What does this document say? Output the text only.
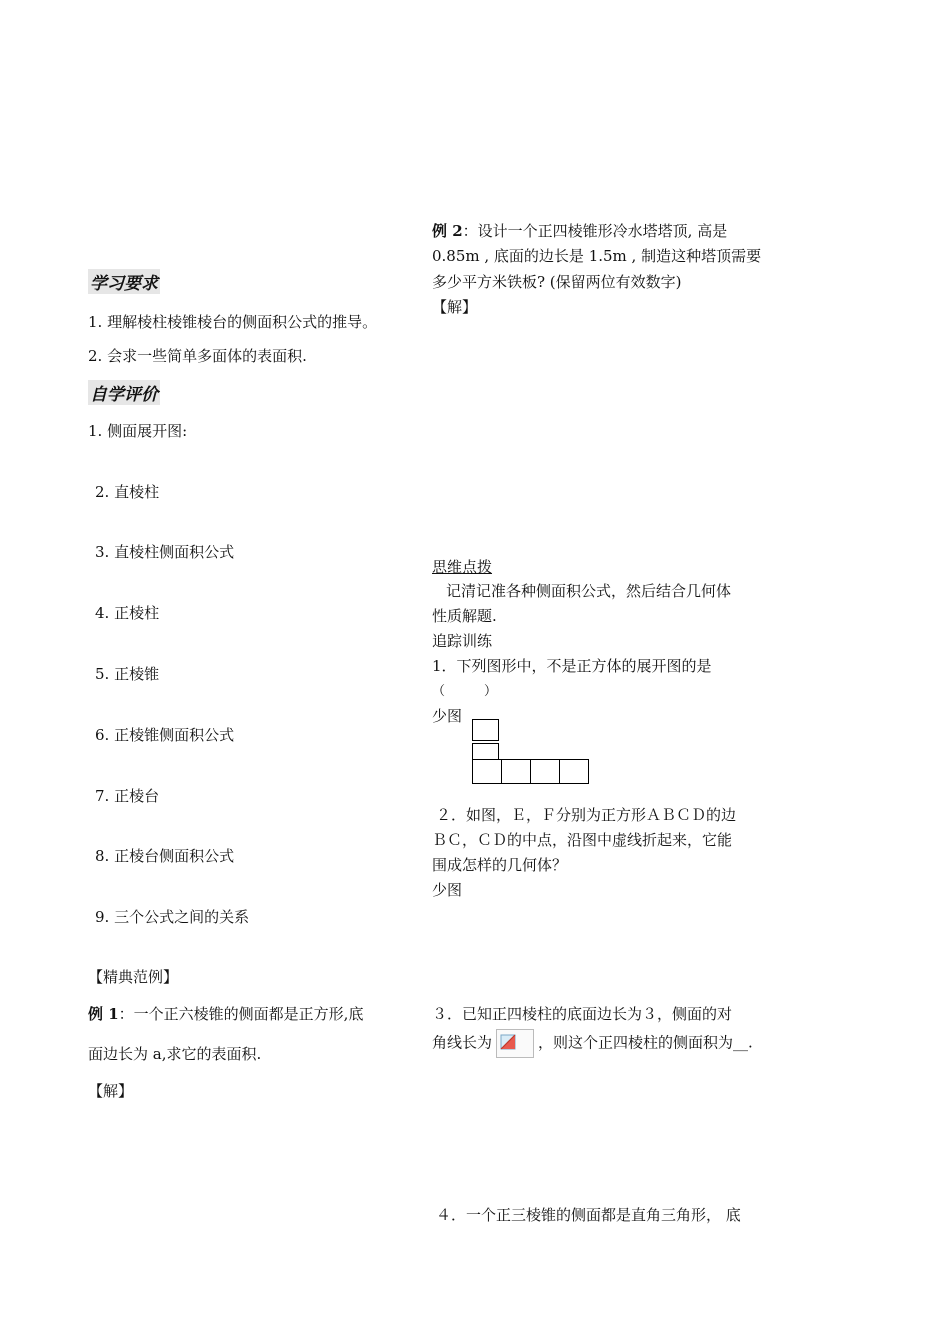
学习要求
1. 理解棱柱棱锥棱台的侧面积公式的推导。
2. 会求一些简单多面体的表面积.
自学评价
1. 侧面展开图:
2. 直棱柱
3. 直棱柱侧面积公式
4. 正棱柱
5. 正棱锥
6. 正棱锥侧面积公式
7. 正棱台
8. 正棱台侧面积公式
9. 三个公式之间的关系
【精典范例】
例 1：一个正六棱锥的侧面都是正方形,底
面边长为 a,求它的表面积.
【解】
例 2：设计一个正四棱锥形冷水塔塔顶, 高是
0.85m , 底面的边长是 1.5m , 制造这种塔顶需要
多少平方米铁板? (保留两位有效数字)
【解】
思维点拨
记清记准各种侧面积公式，然后结合几何体
性质解题.
追踪训练
1．下列图形中，不是正方体的展开图的是
（　　　）
少图
２．如图，Ｅ，Ｆ分别为正方形ＡＢＣＤ的边
ＢＣ，ＣＤ的中点，沿图中虚线折起来，它能
围成怎样的几何体？
少图
３．已知正四棱柱的底面边长为３，侧面的对
角线长为	，则这个正四棱柱的侧面积为__.
４．一个正三棱锥的侧面都是直角三角形， 底
